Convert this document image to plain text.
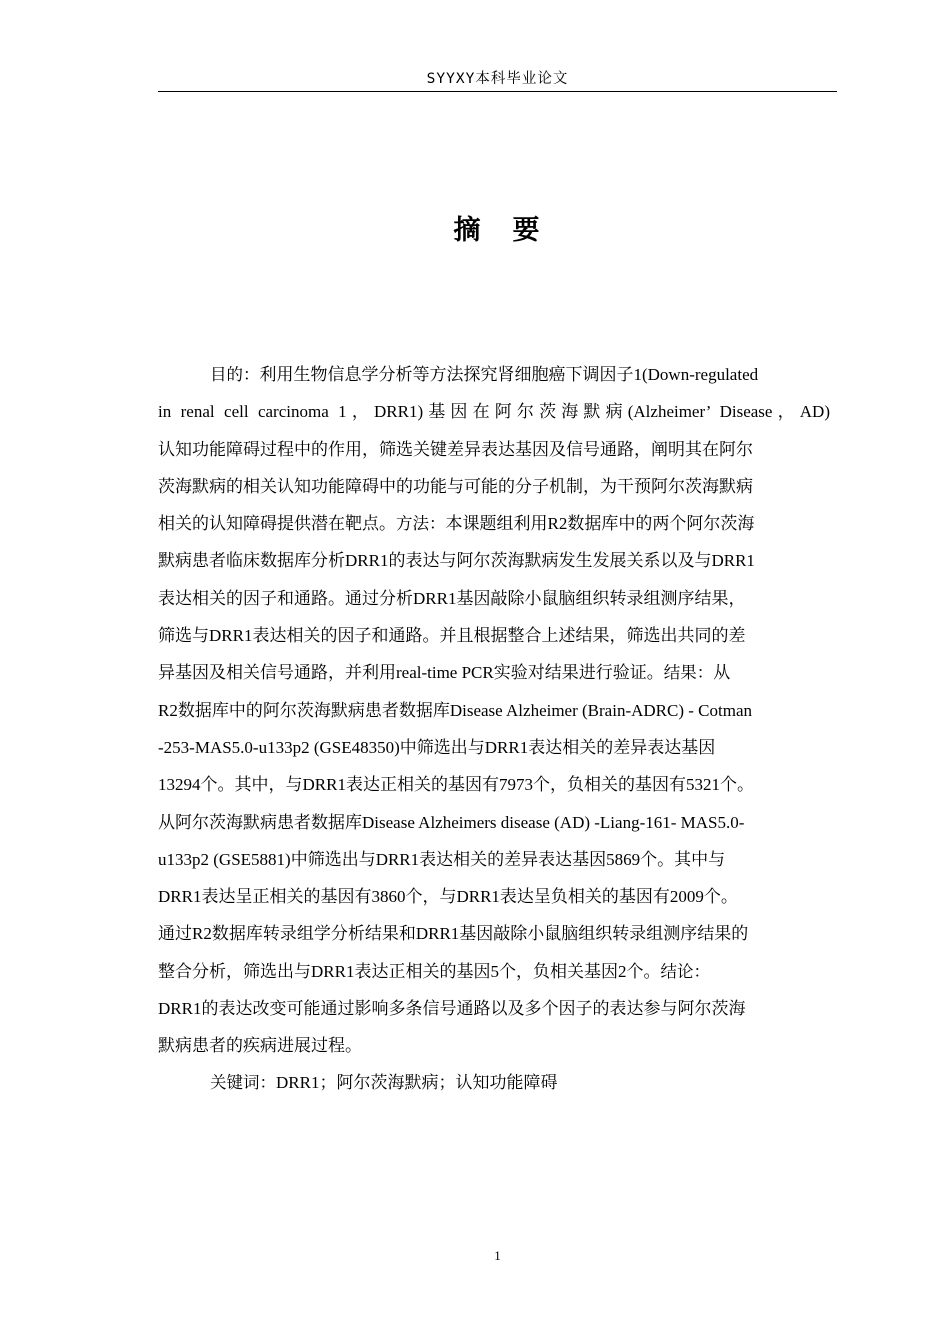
SYYXY本科毕业论文
摘 要
目的：利用生物信息学分析等方法探究肾细胞癌下调因子1(Down-regulated
in renal cell carcinoma 1，DRR1)基因在阿尔茨海默病(Alzheimer’ Disease，AD)
认知功能障碍过程中的作用，筛选关键差异表达基因及信号通路，阐明其在阿尔
茨海默病的相关认知功能障碍中的功能与可能的分子机制，为干预阿尔茨海默病
相关的认知障碍提供潜在靶点。方法：本课题组利用R2数据库中的两个阿尔茨海
默病患者临床数据库分析DRR1的表达与阿尔茨海默病发生发展关系以及与DRR1
表达相关的因子和通路。通过分析DRR1基因敲除小鼠脑组织转录组测序结果，
筛选与DRR1表达相关的因子和通路。并且根据整合上述结果，筛选出共同的差
异基因及相关信号通路，并利用real-time PCR实验对结果进行验证。结果：从
R2数据库中的阿尔茨海默病患者数据库Disease Alzheimer (Brain-ADRC) - Cotman
-253-MAS5.0-u133p2 (GSE48350)中筛选出与DRR1表达相关的差异表达基因
13294个。其中，与DRR1表达正相关的基因有7973个，负相关的基因有5321个。
从阿尔茨海默病患者数据库Disease Alzheimers disease (AD) -Liang-161- MAS5.0-
u133p2 (GSE5881)中筛选出与DRR1表达相关的差异表达基因5869个。其中与
DRR1表达呈正相关的基因有3860个，与DRR1表达呈负相关的基因有2009个。
通过R2数据库转录组学分析结果和DRR1基因敲除小鼠脑组织转录组测序结果的
整合分析，筛选出与DRR1表达正相关的基因5个，负相关基因2个。结论：
DRR1的表达改变可能通过影响多条信号通路以及多个因子的表达参与阿尔茨海
默病患者的疾病进展过程。
关键词：DRR1；阿尔茨海默病；认知功能障碍
1
